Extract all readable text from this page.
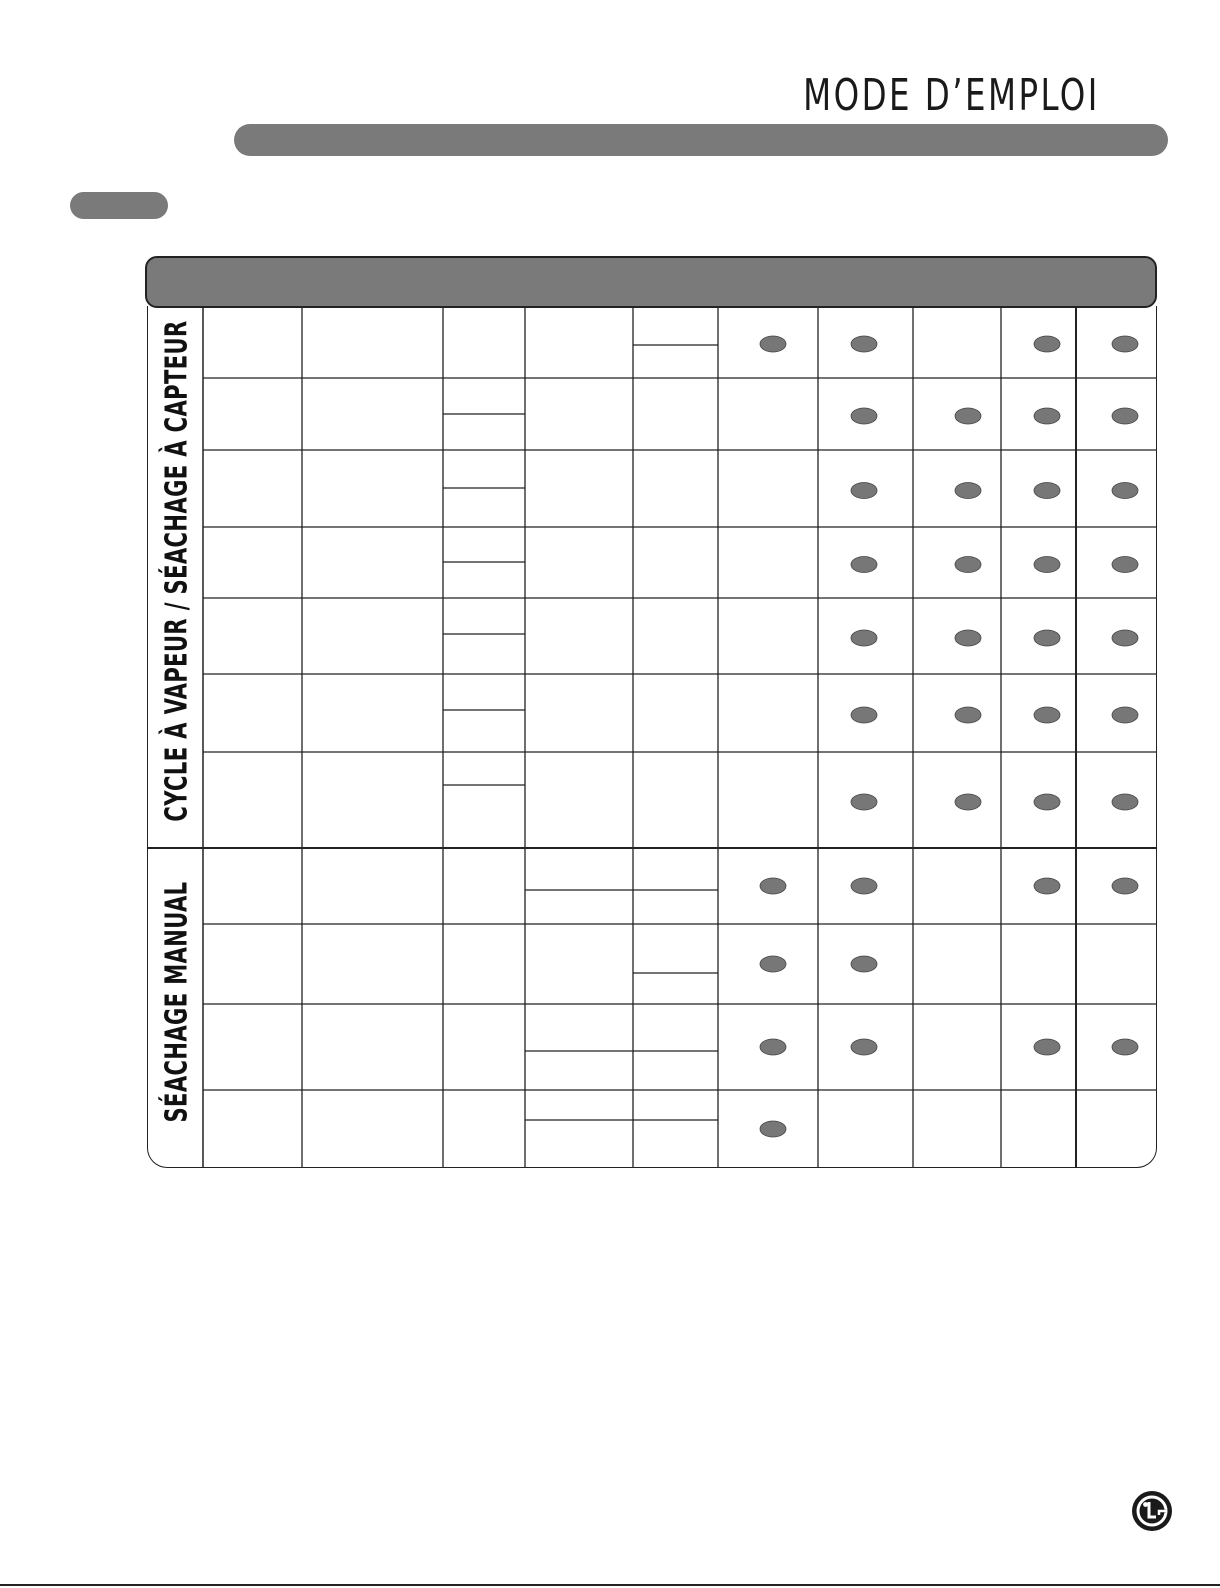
MODE D’EMPLOI
CYCLE À VAPEUR / SÉACHAGE À CAPTEUR
SÉACHAGE MANUAL
